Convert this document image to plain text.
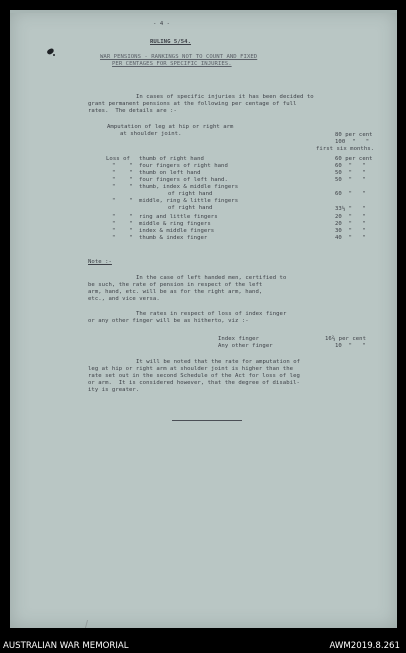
- 4 -
RULING 5/54.
WAR PENSIONS - RANKINGS NOT TO COUNT AND FIXED
PER CENTAGES FOR SPECIFIC INJURIES.
In cases of specific injuries it has been decided to
grant permanent pensions at the following per centage of full
rates.  The details are :-
Amputation of leg at hip or right arm
at shoulder joint.	80 per cent
100  "   "
first six months.
Loss of thumb of right hand	60 per cent
"    " four fingers of right hand	60  "   "
"    " thumb on left hand	50  "   "
"    " four fingers of left hand.	50  "   "
"    " thumb, index & middle fingers
of right hand	60  "   "
"    " middle, ring & little fingers
of right hand	33⅓ "   "
"    " ring and little fingers	20  "   "
"    " middle & ring fingers	20  "   "
"    " index & middle fingers	30  "   "
"    " thumb & index finger	40  "   "
Note :-
In the case of left handed men, certified to
be such, the rate of pension in respect of the left
arm, hand, etc. will be as for the right arm, hand,
etc., and vice versa.
The rates in respect of loss of index finger
or any other finger will be as hitherto, viz :-
Index finger	16⅔ per cent
Any other finger	10  "   "
It will be noted that the rate for amputation of
leg at hip or right arm at shoulder joint is higher than the
rate set out in the second Schedule of the Act for loss of leg
or arm.  It is considered however, that the degree of disabil-
ity is greater.
AUSTRALIAN WAR MEMORIAL	AWM2019.8.261
